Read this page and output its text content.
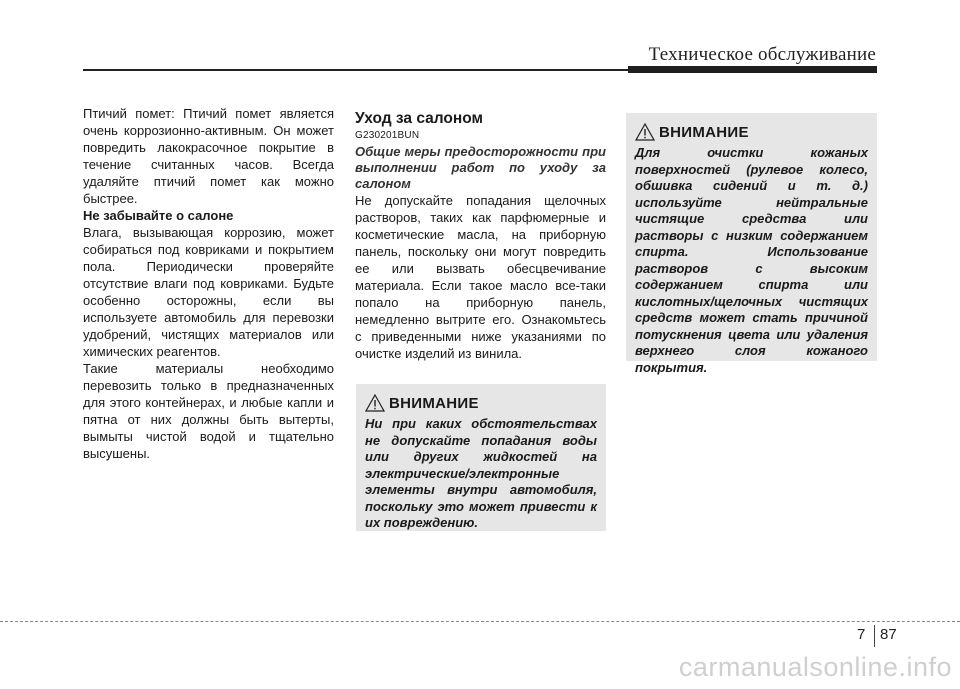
Техническое обслуживание

Птичий помет: Птичий помет является очень коррозионно-активным. Он может повредить лакокрасочное покрытие в течение считанных часов. Всегда удаляйте птичий помет как можно быстрее.

Не забывайте о салоне

Влага, вызывающая коррозию, может собираться под ковриками и покрытием пола. Периодически проверяйте отсутствие влаги под ковриками. Будьте особенно осторожны, если вы используете автомобиль для перевозки удобрений, чистящих материалов или химических реагентов.

Такие материалы необходимо перевозить только в предназначенных для этого контейнерах, и любые капли и пятна от них должны быть вытерты, вымыты чистой водой и тщательно высушены.

Уход за салоном

G230201BUN

Общие меры предосторожности при выполнении работ по уходу за салоном

Не допускайте попадания щелочных растворов, таких как парфюмерные и косметические масла, на приборную панель, поскольку они могут повредить ее или вызвать обесцвечивание материала. Если такое масло все-таки попало на приборную панель, немедленно вытрите его. Ознакомьтесь с приведенными ниже указаниями по очистке изделий из винила.

ВНИМАНИЕ

Ни при каких обстоятельствах не допускайте попадания воды или других жидкостей на электрические/электронные элементы внутри автомобиля, поскольку это может привести к их повреждению.

ВНИМАНИЕ

Для очистки кожаных поверхностей (рулевое колесо, обшивка сидений и т. д.) используйте нейтральные чистящие средства или растворы с низким содержанием спирта. Использование растворов с высоким содержанием спирта или кислотных/щелочных чистящих средств может стать причиной потускнения цвета или удаления верхнего слоя кожаного покрытия.

7 87
carmanualsonline.info
